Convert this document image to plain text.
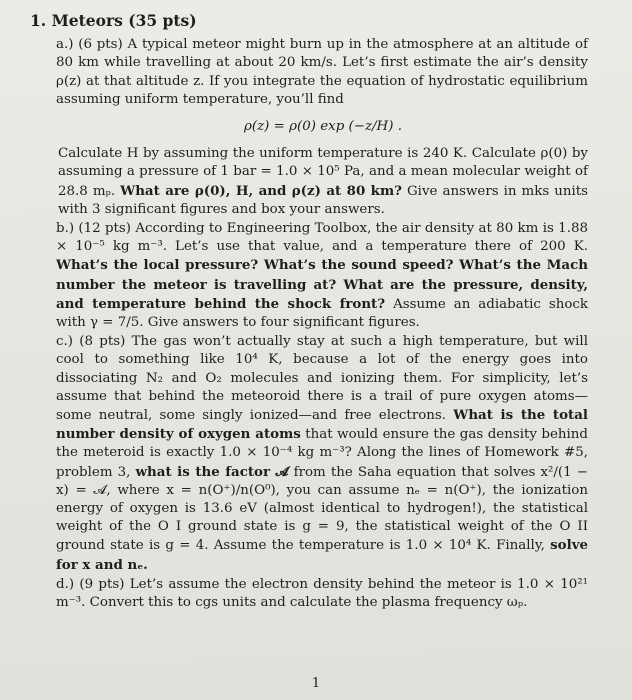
1. Meteors (35 pts)
a.) (6 pts) A typical meteor might burn up in the atmosphere at an altitude of 80 km while travelling at about 20 km/s. Let’s first estimate the air’s density ρ(z) at that altitude z. If you integrate the equation of hydrostatic equilibrium assuming uniform temperature, you’ll find
ρ(z) = ρ(0) exp (−z/H) .
Calculate H by assuming the uniform temperature is 240 K. Calculate ρ(0) by assuming a pressure of 1 bar = 1.0 × 10⁵ Pa, and a mean molecular weight of 28.8 mₚ. What are ρ(0), H, and ρ(z) at 80 km? Give answers in mks units with 3 significant figures and box your answers.
b.) (12 pts) According to Engineering Toolbox, the air density at 80 km is 1.88 × 10⁻⁵ kg m⁻³. Let’s use that value, and a temperature there of 200 K. What’s the local pressure? What’s the sound speed? What’s the Mach number the meteor is travelling at? What are the pressure, density, and temperature behind the shock front? Assume an adiabatic shock with γ = 7/5. Give answers to four significant figures.
c.) (8 pts) The gas won’t actually stay at such a high temperature, but will cool to something like 10⁴ K, because a lot of the energy goes into dissociating N₂ and O₂ molecules and ionizing them. For simplicity, let’s assume that behind the meteoroid there is a trail of pure oxygen atoms—some neutral, some singly ionized—and free electrons. What is the total number density of oxygen atoms that would ensure the gas density behind the meteroid is exactly 1.0 × 10⁻⁴ kg m⁻³? Along the lines of Homework #5, problem 3, what is the factor 𝓐 from the Saha equation that solves x²/(1 − x) = 𝓐, where x = n(O⁺)/n(O⁰), you can assume nₑ = n(O⁺), the ionization energy of oxygen is 13.6 eV (almost identical to hydrogen!), the statistical weight of the O I ground state is g = 9, the statistical weight of the O II ground state is g = 4. Assume the temperature is 1.0 × 10⁴ K. Finally, solve for x and nₑ.
d.) (9 pts) Let’s assume the electron density behind the meteor is 1.0 × 10²¹ m⁻³. Convert this to cgs units and calculate the plasma frequency ωₚ.
1
